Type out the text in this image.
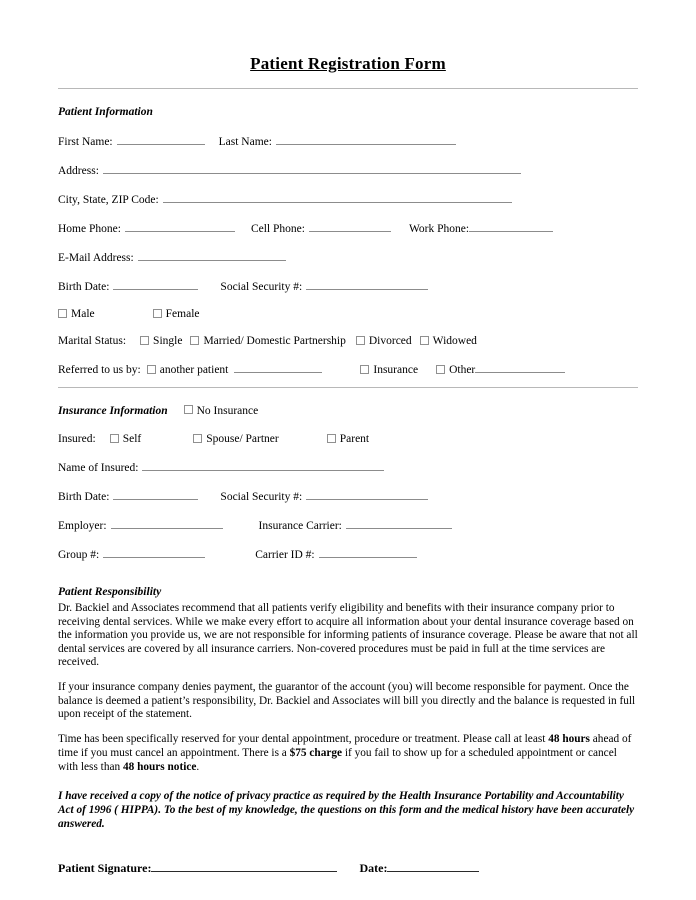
Patient Registration Form
Patient Information
First Name:	Last Name:
Address:
City, State, ZIP Code:
Home Phone:	Cell Phone:	Work Phone:
E-Mail Address:
Birth Date:	Social Security #:
Male	Female
Marital Status: Single Married/ Domestic Partnership Divorced Widowed
Referred to us by: another patient	Insurance	Other
Insurance Information	No Insurance
Insured: Self	Spouse/ Partner	Parent
Name of Insured:
Birth Date:	Social Security #:
Employer:	Insurance Carrier:
Group #:	Carrier ID #:
Patient Responsibility

Dr. Backiel and Associates recommend that all patients verify eligibility and benefits with their insurance company prior to receiving dental services. While we make every effort to acquire all information about your dental insurance coverage based on the information you provide us, we are not responsible for informing patients of insurance coverage. Please be aware that not all dental services are covered by all insurance carriers. Non-covered procedures must be paid in full at the time services are received.

If your insurance company denies payment, the guarantor of the account (you) will become responsible for payment. Once the balance is deemed a patient’s responsibility, Dr. Backiel and Associates will bill you directly and the balance is requested in full upon receipt of the statement.

Time has been specifically reserved for your dental appointment, procedure or treatment. Please call at least 48 hours ahead of time if you must cancel an appointment. There is a $75 charge if you fail to show up for a scheduled appointment or cancel with less than 48 hours notice.

I have received a copy of the notice of privacy practice as required by the Health Insurance Portability and Accountability Act of 1996 ( HIPPA). To the best of my knowledge, the questions on this form and the medical history have been accurately answered.

Patient Signature:	Date:
